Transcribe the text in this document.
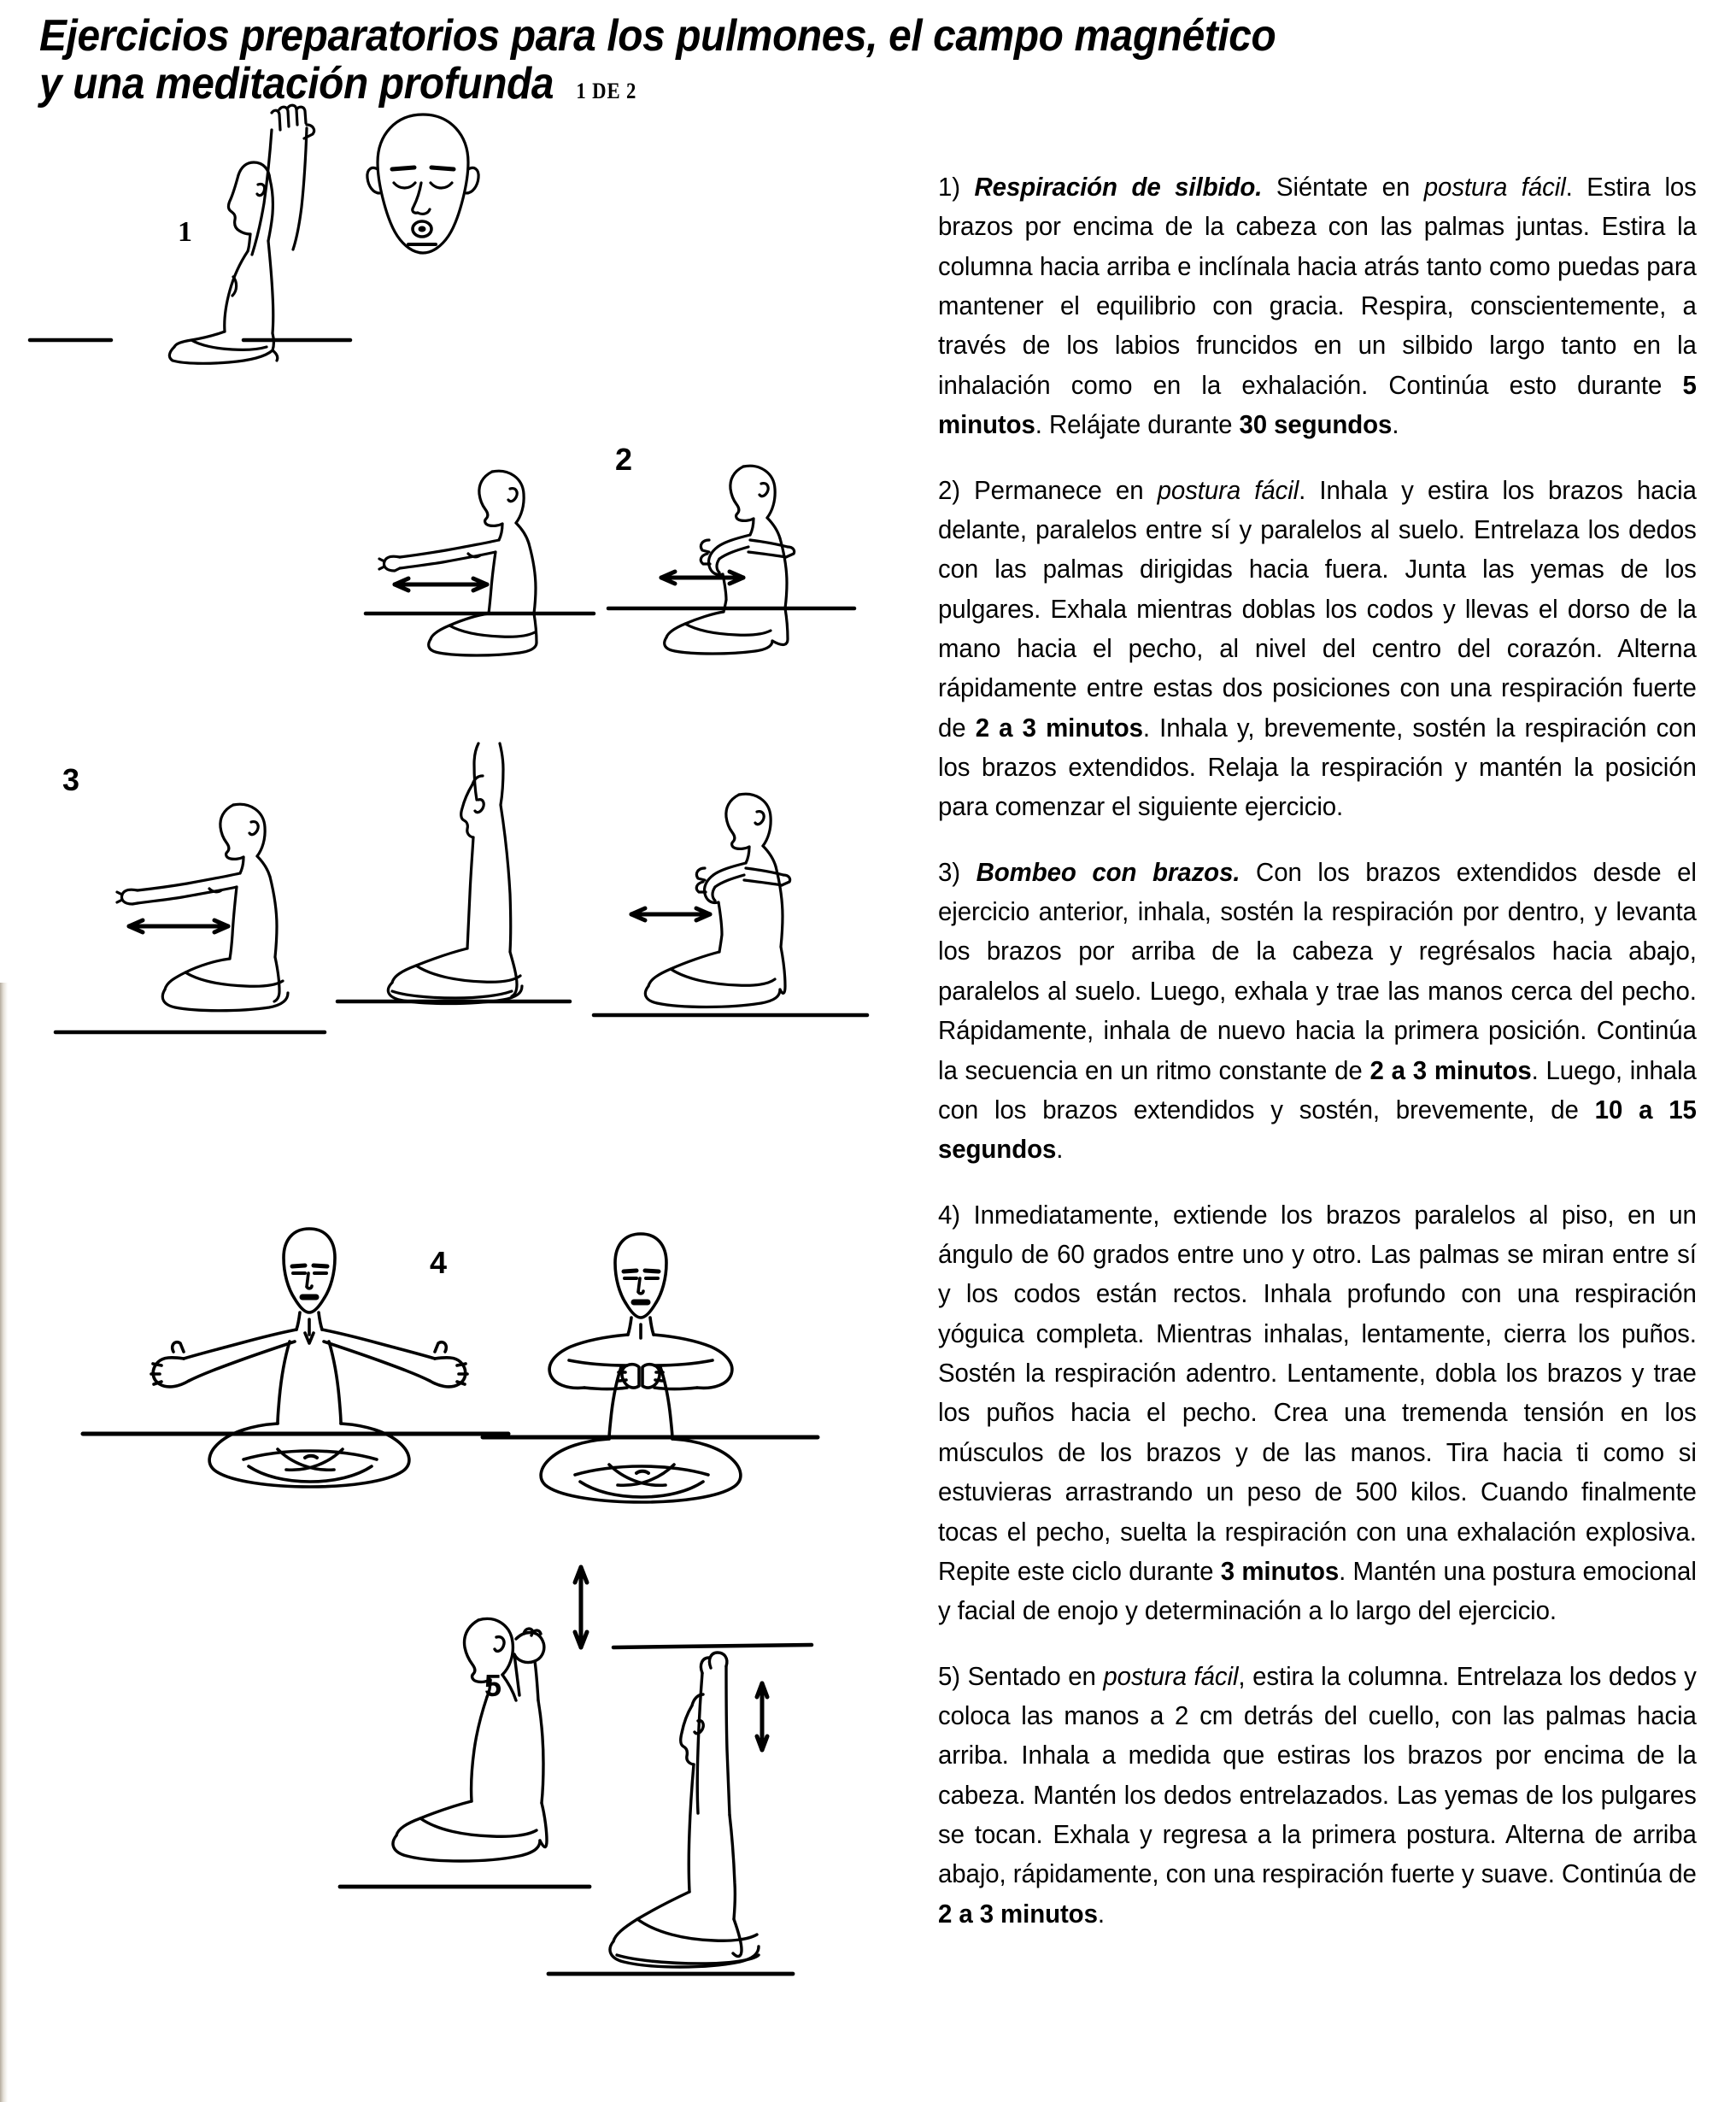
Ejercicios preparatorios para los pulmones, el campo magnético
y una meditación profunda 1 DE 2
1
2
3
4
5

1) Respiración de silbido. Siéntate en postura fácil. Estira los brazos por encima de la cabeza con las palmas juntas. Estira la columna hacia arriba e inclínala hacia atrás tanto como puedas para mantener el equilibrio con gracia. Respira, conscientemente, a través de los labios fruncidos en un silbido largo tanto en la inhalación como en la exhalación. Continúa esto durante 5 minutos. Relájate durante 30 segundos.

2) Permanece en postura fácil. Inhala y estira los brazos hacia delante, paralelos entre sí y paralelos al suelo. Entrelaza los dedos con las palmas dirigidas hacia fuera. Junta las yemas de los pulgares. Exhala mientras doblas los codos y llevas el dorso de la mano hacia el pecho, al nivel del centro del corazón. Alterna rápidamente entre estas dos posiciones con una respiración fuerte de 2 a 3 minutos. Inhala y, brevemente, sostén la respiración con los brazos extendidos. Relaja la respiración y mantén la posición para comenzar el siguiente ejercicio.

3) Bombeo con brazos. Con los brazos extendidos desde el ejercicio anterior, inhala, sostén la respiración por dentro, y levanta los brazos por arriba de la cabeza y regrésalos hacia abajo, paralelos al suelo. Luego, exhala y trae las manos cerca del pecho. Rápidamente, inhala de nuevo hacia la primera posición. Continúa la secuencia en un ritmo constante de 2 a 3 minutos. Luego, inhala con los brazos extendidos y sostén, brevemente, de 10 a 15 segundos.

4) Inmediatamente, extiende los brazos paralelos al piso, en un ángulo de 60 grados entre uno y otro. Las palmas se miran entre sí y los codos están rectos. Inhala profundo con una respiración yóguica completa. Mientras inhalas, lentamente, cierra los puños. Sostén la respiración adentro. Lentamente, dobla los brazos y trae los puños hacia el pecho. Crea una tremenda tensión en los músculos de los brazos y de las manos. Tira hacia ti como si estuvieras arrastrando un peso de 500 kilos. Cuando finalmente tocas el pecho, suelta la respiración con una exhalación explosiva. Repite este ciclo durante 3 minutos. Mantén una postura emocional y facial de enojo y determinación a lo largo del ejercicio.

5) Sentado en postura fácil, estira la columna. Entrelaza los dedos y coloca las manos a 2 cm detrás del cuello, con las palmas hacia arriba. Inhala a medida que estiras los brazos por encima de la cabeza. Mantén los dedos entrelazados. Las yemas de los pulgares se tocan. Exhala y regresa a la primera postura. Alterna de arriba abajo, rápidamente, con una respiración fuerte y suave. Continúa de 2 a 3 minutos.
